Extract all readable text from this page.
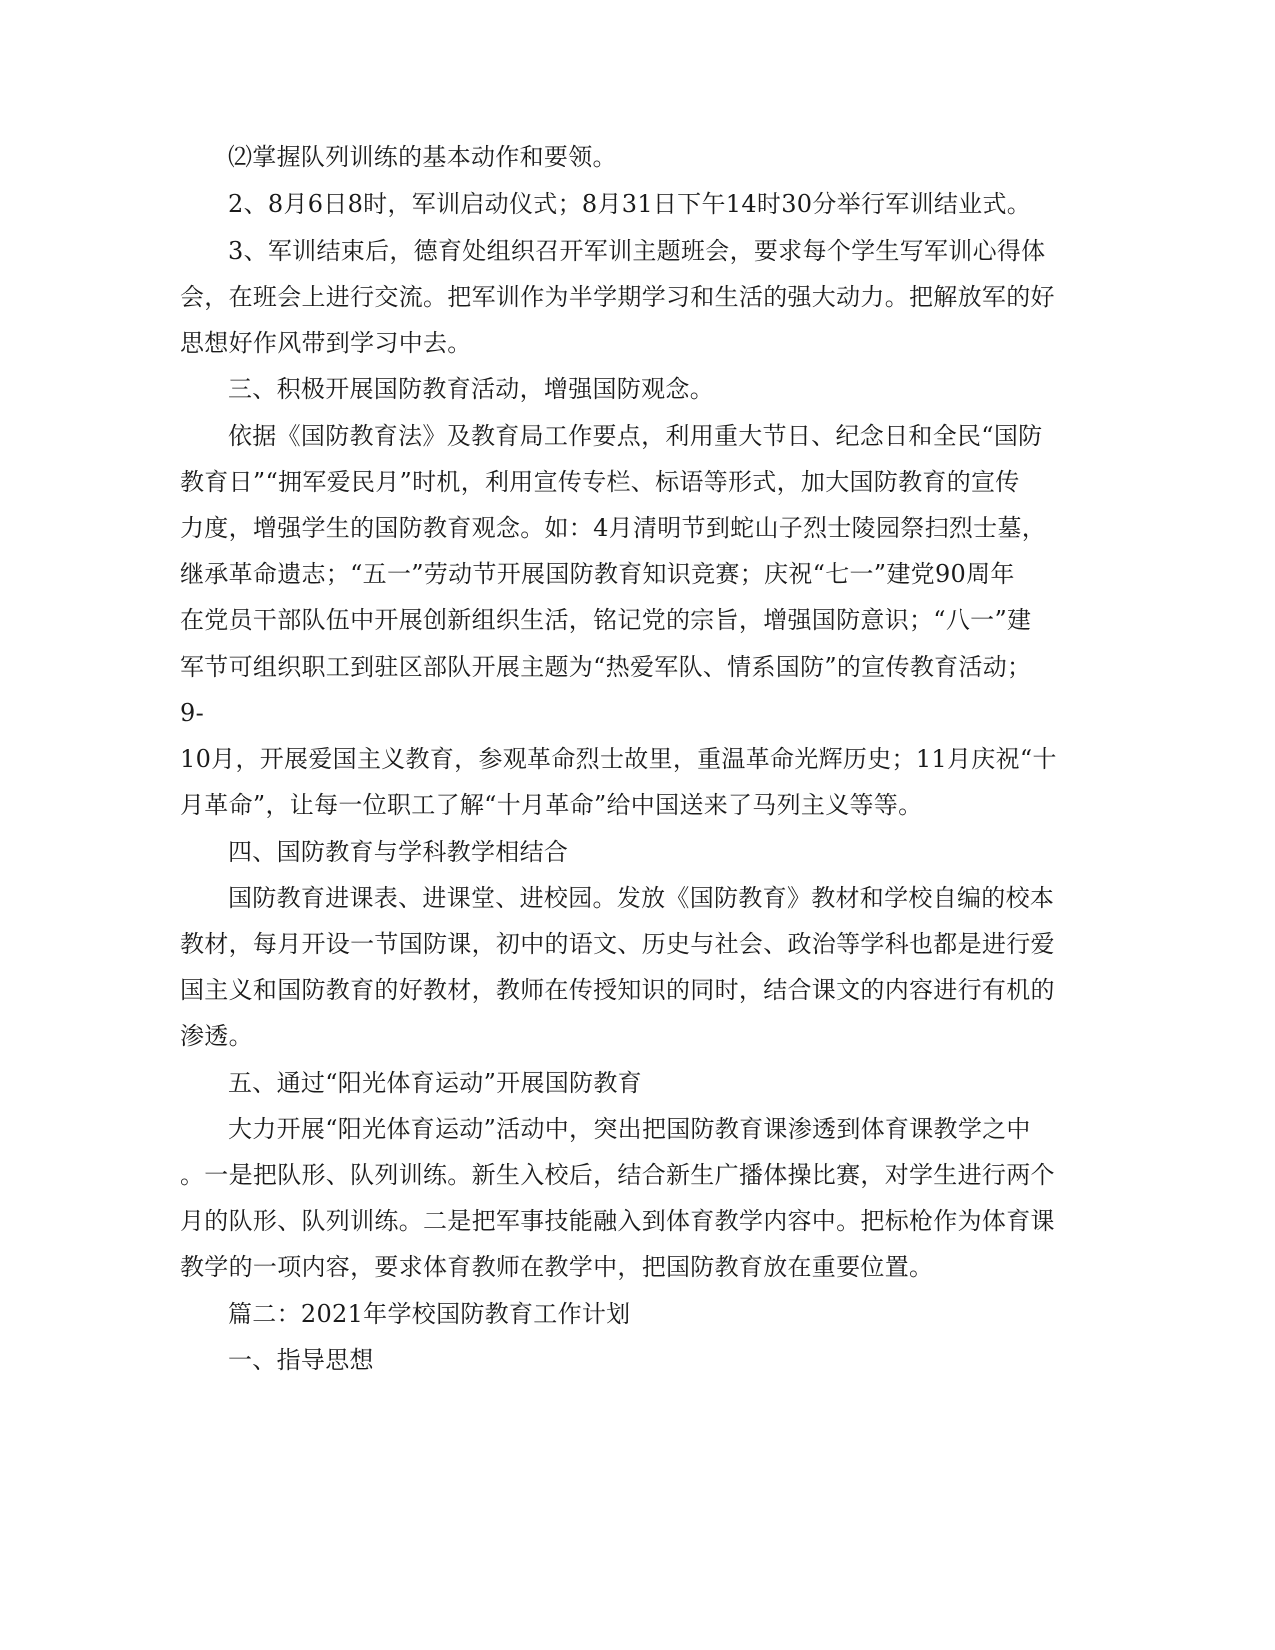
⑵掌握队列训练的基本动作和要领。
2、8月6日8时，军训启动仪式；8月31日下午14时30分举行军训结业式。
3、军训结束后，德育处组织召开军训主题班会，要求每个学生写军训心得体
会，在班会上进行交流。把军训作为半学期学习和生活的强大动力。把解放军的好
思想好作风带到学习中去。
三、积极开展国防教育活动，增强国防观念。
依据《国防教育法》及教育局工作要点，利用重大节日、纪念日和全民“国防
教育日”“拥军爱民月”时机，利用宣传专栏、标语等形式，加大国防教育的宣传
力度，增强学生的国防教育观念。如：4月清明节到蛇山子烈士陵园祭扫烈士墓，
继承革命遗志；“五一”劳动节开展国防教育知识竞赛；庆祝“七一”建党90周年
在党员干部队伍中开展创新组织生活，铭记党的宗旨，增强国防意识；“八一”建
军节可组织职工到驻区部队开展主题为“热爱军队、情系国防”的宣传教育活动；
9-
10月，开展爱国主义教育，参观革命烈士故里，重温革命光辉历史；11月庆祝“十
月革命”，让每一位职工了解“十月革命”给中国送来了马列主义等等。
四、国防教育与学科教学相结合
国防教育进课表、进课堂、进校园。发放《国防教育》教材和学校自编的校本
教材，每月开设一节国防课，初中的语文、历史与社会、政治等学科也都是进行爱
国主义和国防教育的好教材，教师在传授知识的同时，结合课文的内容进行有机的
渗透。
五、通过“阳光体育运动”开展国防教育
大力开展“阳光体育运动”活动中，突出把国防教育课渗透到体育课教学之中
。一是把队形、队列训练。新生入校后，结合新生广播体操比赛，对学生进行两个
月的队形、队列训练。二是把军事技能融入到体育教学内容中。把标枪作为体育课
教学的一项内容，要求体育教师在教学中，把国防教育放在重要位置。
篇二：2021年学校国防教育工作计划
一、指导思想
